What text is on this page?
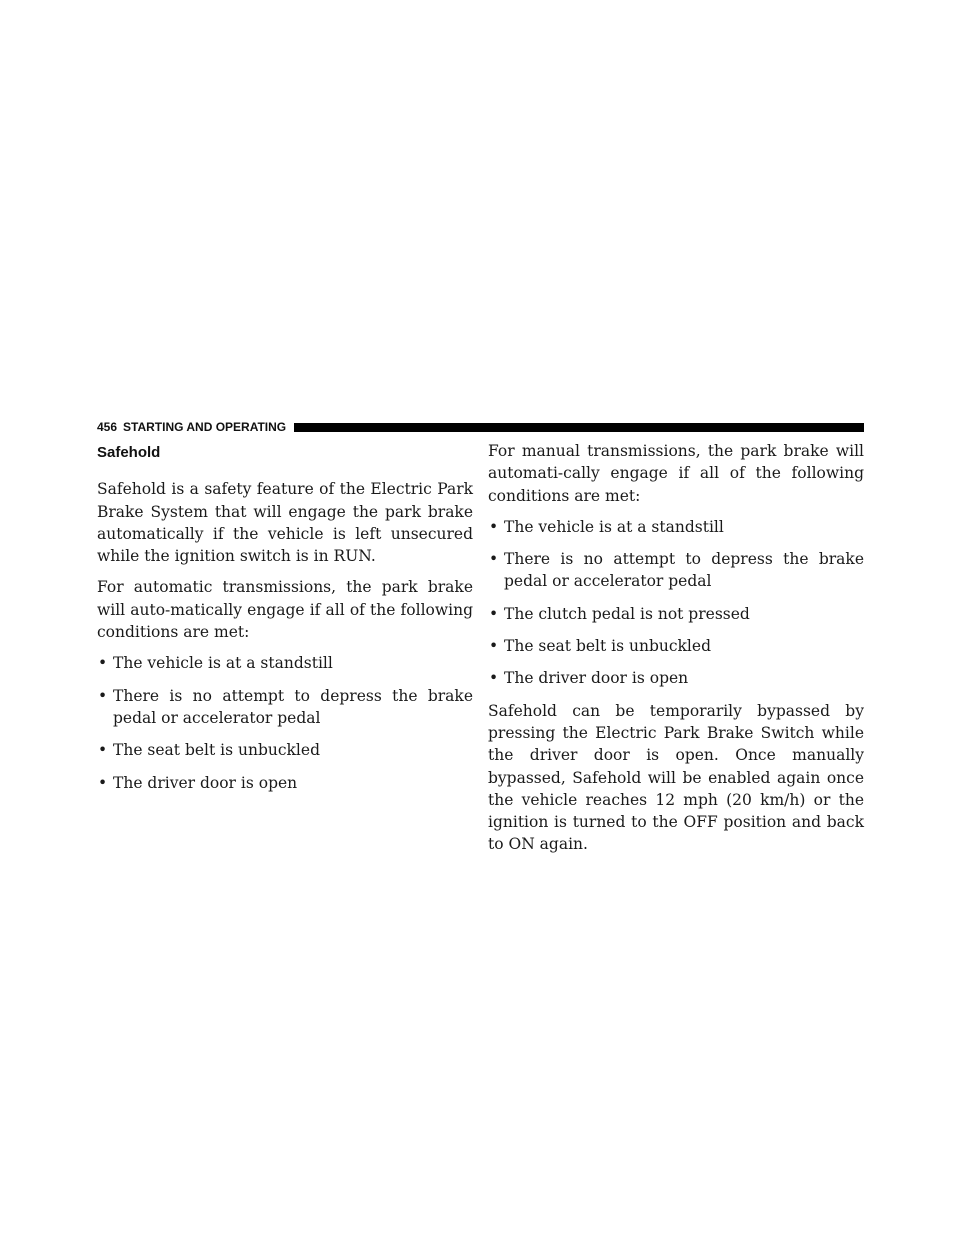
456 STARTING AND OPERATING
Safehold

Safehold is a safety feature of the Electric Park Brake System that will engage the park brake automatically if the vehicle is left unsecured while the ignition switch is in RUN.

For automatic transmissions, the park brake will auto-matically engage if all of the following conditions are met:

• The vehicle is at a standstill
• There is no attempt to depress the brake pedal or accelerator pedal
• The seat belt is unbuckled
• The driver door is open

For manual transmissions, the park brake will automati-cally engage if all of the following conditions are met:

• The vehicle is at a standstill
• There is no attempt to depress the brake pedal or accelerator pedal
• The clutch pedal is not pressed
• The seat belt is unbuckled
• The driver door is open

Safehold can be temporarily bypassed by pressing the Electric Park Brake Switch while the driver door is open. Once manually bypassed, Safehold will be enabled again once the vehicle reaches 12 mph (20 km/h) or the ignition is turned to the OFF position and back to ON again.
